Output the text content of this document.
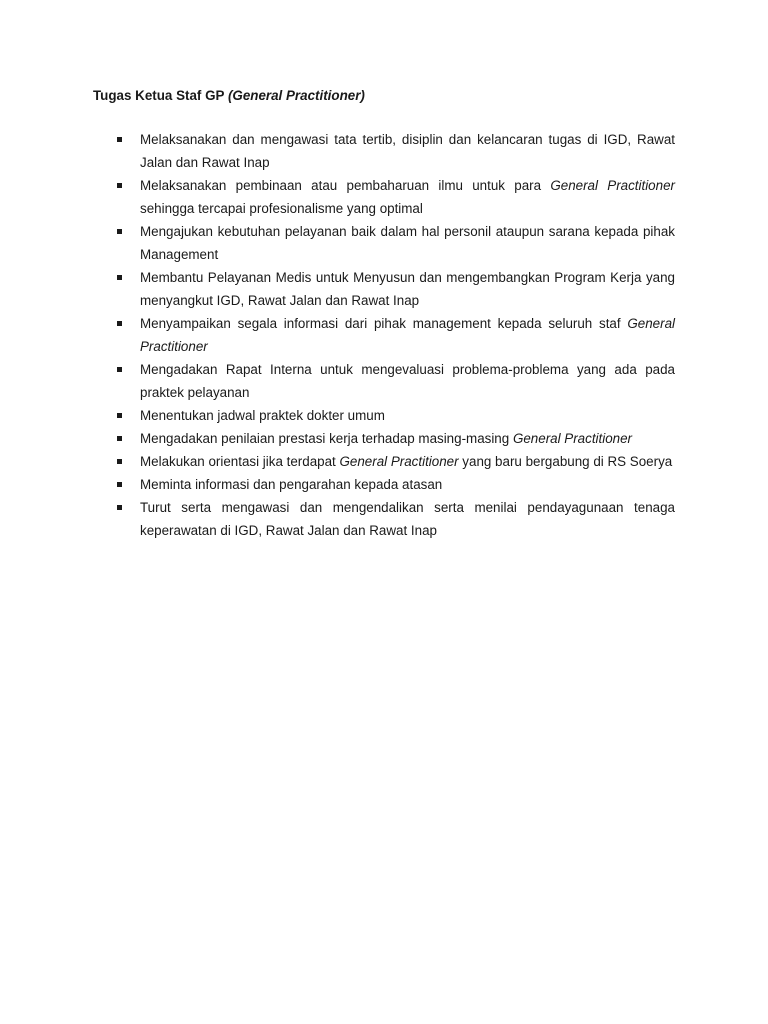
Tugas Ketua Staf GP (General Practitioner)

Melaksanakan dan mengawasi tata tertib, disiplin dan kelancaran tugas di IGD, Rawat Jalan dan Rawat Inap
Melaksanakan pembinaan atau pembaharuan ilmu untuk para General Practitioner sehingga tercapai profesionalisme yang optimal
Mengajukan kebutuhan pelayanan baik dalam hal personil ataupun sarana kepada pihak Management
Membantu Pelayanan Medis untuk Menyusun dan mengembangkan Program Kerja yang menyangkut IGD, Rawat Jalan dan Rawat Inap
Menyampaikan segala informasi dari pihak management kepada seluruh staf General Practitioner
Mengadakan Rapat Interna untuk mengevaluasi problema-problema yang ada pada praktek pelayanan
Menentukan jadwal praktek dokter umum
Mengadakan penilaian prestasi kerja terhadap masing-masing General Practitioner
Melakukan orientasi jika terdapat General Practitioner yang baru bergabung di RS Soerya
Meminta informasi dan pengarahan kepada atasan
Turut serta mengawasi dan mengendalikan serta menilai pendayagunaan tenaga keperawatan di IGD, Rawat Jalan dan Rawat Inap
